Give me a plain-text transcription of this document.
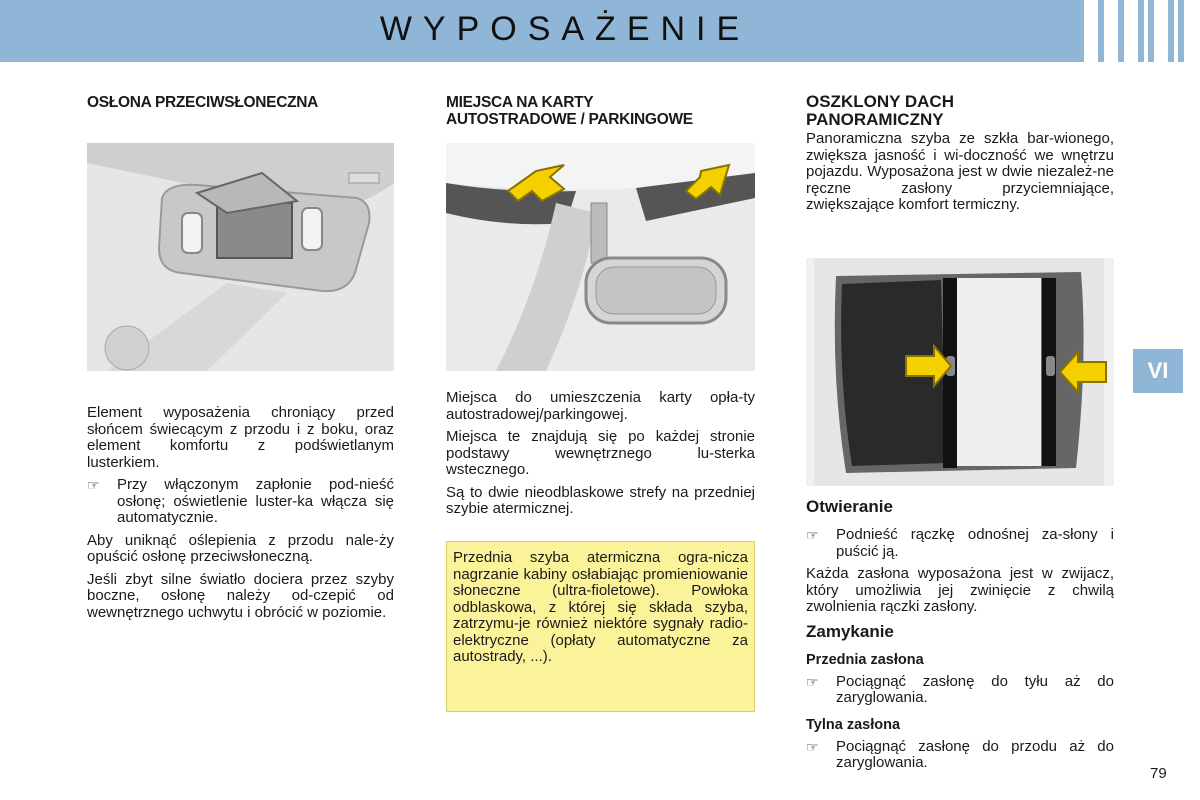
WYPOSAŻENIE
OSŁONA PRZECIWSŁONECZNA

Element wyposażenia chroniący przed słońcem świecącym z przodu i z boku, oraz element komfortu z podświetlanym lusterkiem.

☞ Przy włączonym zapłonie pod-nieść osłonę; oświetlenie luster-ka włącza się automatycznie.

Aby uniknąć oślepienia z przodu nale-ży opuścić osłonę przeciwsłoneczną.

Jeśli zbyt silne światło dociera przez szyby boczne, osłonę należy od-czepić od wewnętrznego uchwytu i obrócić w poziomie.

MIEJSCA NA KARTY
AUTOSTRADOWE / PARKINGOWE

Miejsca do umieszczenia karty opła-ty autostradowej/parkingowej.

Miejsca te znajdują się po każdej stronie podstawy wewnętrznego lu-sterka wstecznego.

Są to dwie nieodblaskowe strefy na przedniej szybie atermicznej.

Przednia szyba atermiczna ogra-nicza nagrzanie kabiny osłabiając promieniowanie słoneczne (ultra-fioletowe). Powłoka odblaskowa, z której się składa szyba, zatrzymu-je również niektóre sygnały radio-elektryczne (opłaty automatyczne za autostrady, ...).

OSZKLONY DACH
PANORAMICZNY

Panoramiczna szyba ze szkła bar-wionego, zwiększa jasność i wi-doczność we wnętrzu pojazdu. Wyposażona jest w dwie niezależ-ne ręczne zasłony przyciemniające, zwiększające komfort termiczny.

Otwieranie
☞ Podnieść rączkę odnośnej za-słony i puścić ją.

Każda zasłona wyposażona jest w zwijacz, który umożliwia jej zwinięcie z chwilą zwolnienia rączki zasłony.

Zamykanie
Przednia zasłona
☞ Pociągnąć zasłonę do tyłu aż do zaryglowania.
Tylna zasłona
☞ Pociągnąć zasłonę do przodu aż do zaryglowania.
VI
79
